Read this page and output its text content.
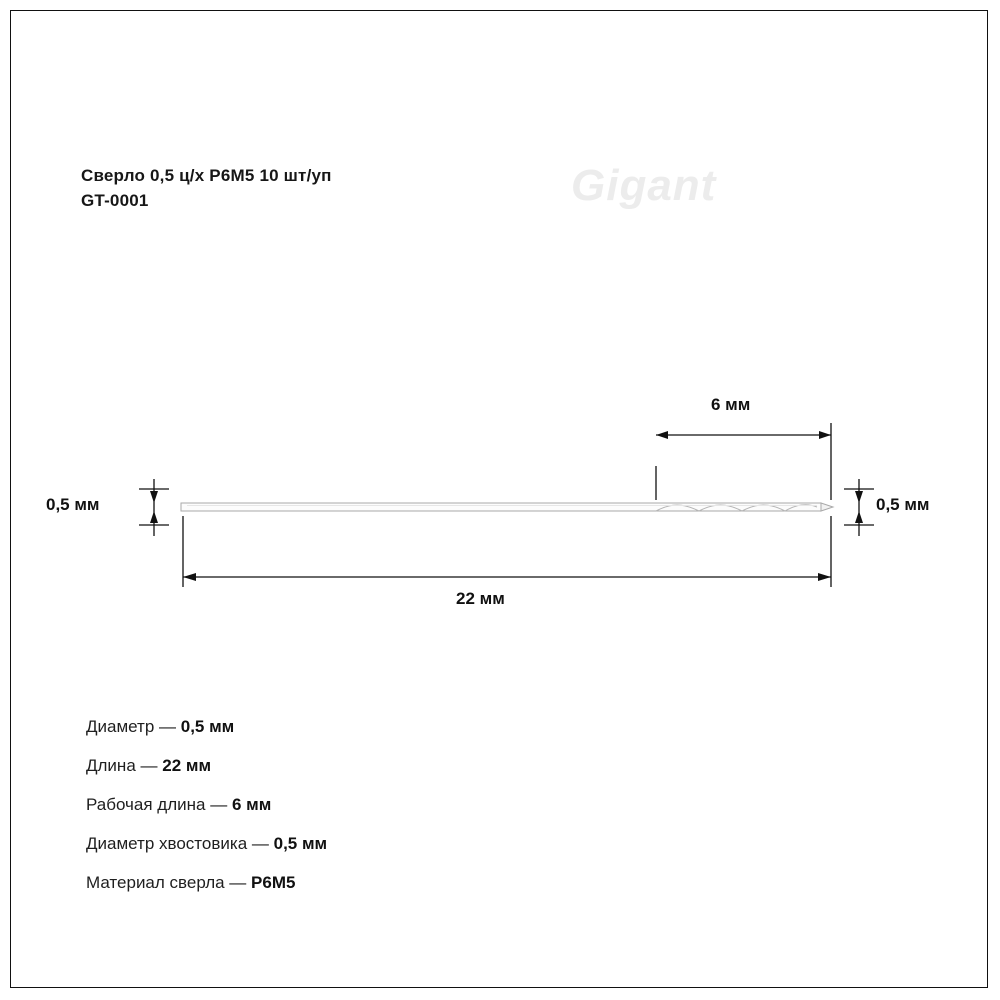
Сверло 0,5 ц/х Р6М5 10 шт/уп
GT-0001	Gigant
6 мм
22 мм
0,5 мм	0,5 мм
Диаметр — 0,5 мм
Длина — 22 мм
Рабочая длина — 6 мм
Диаметр хвостовика — 0,5 мм
Материал сверла — Р6М5
